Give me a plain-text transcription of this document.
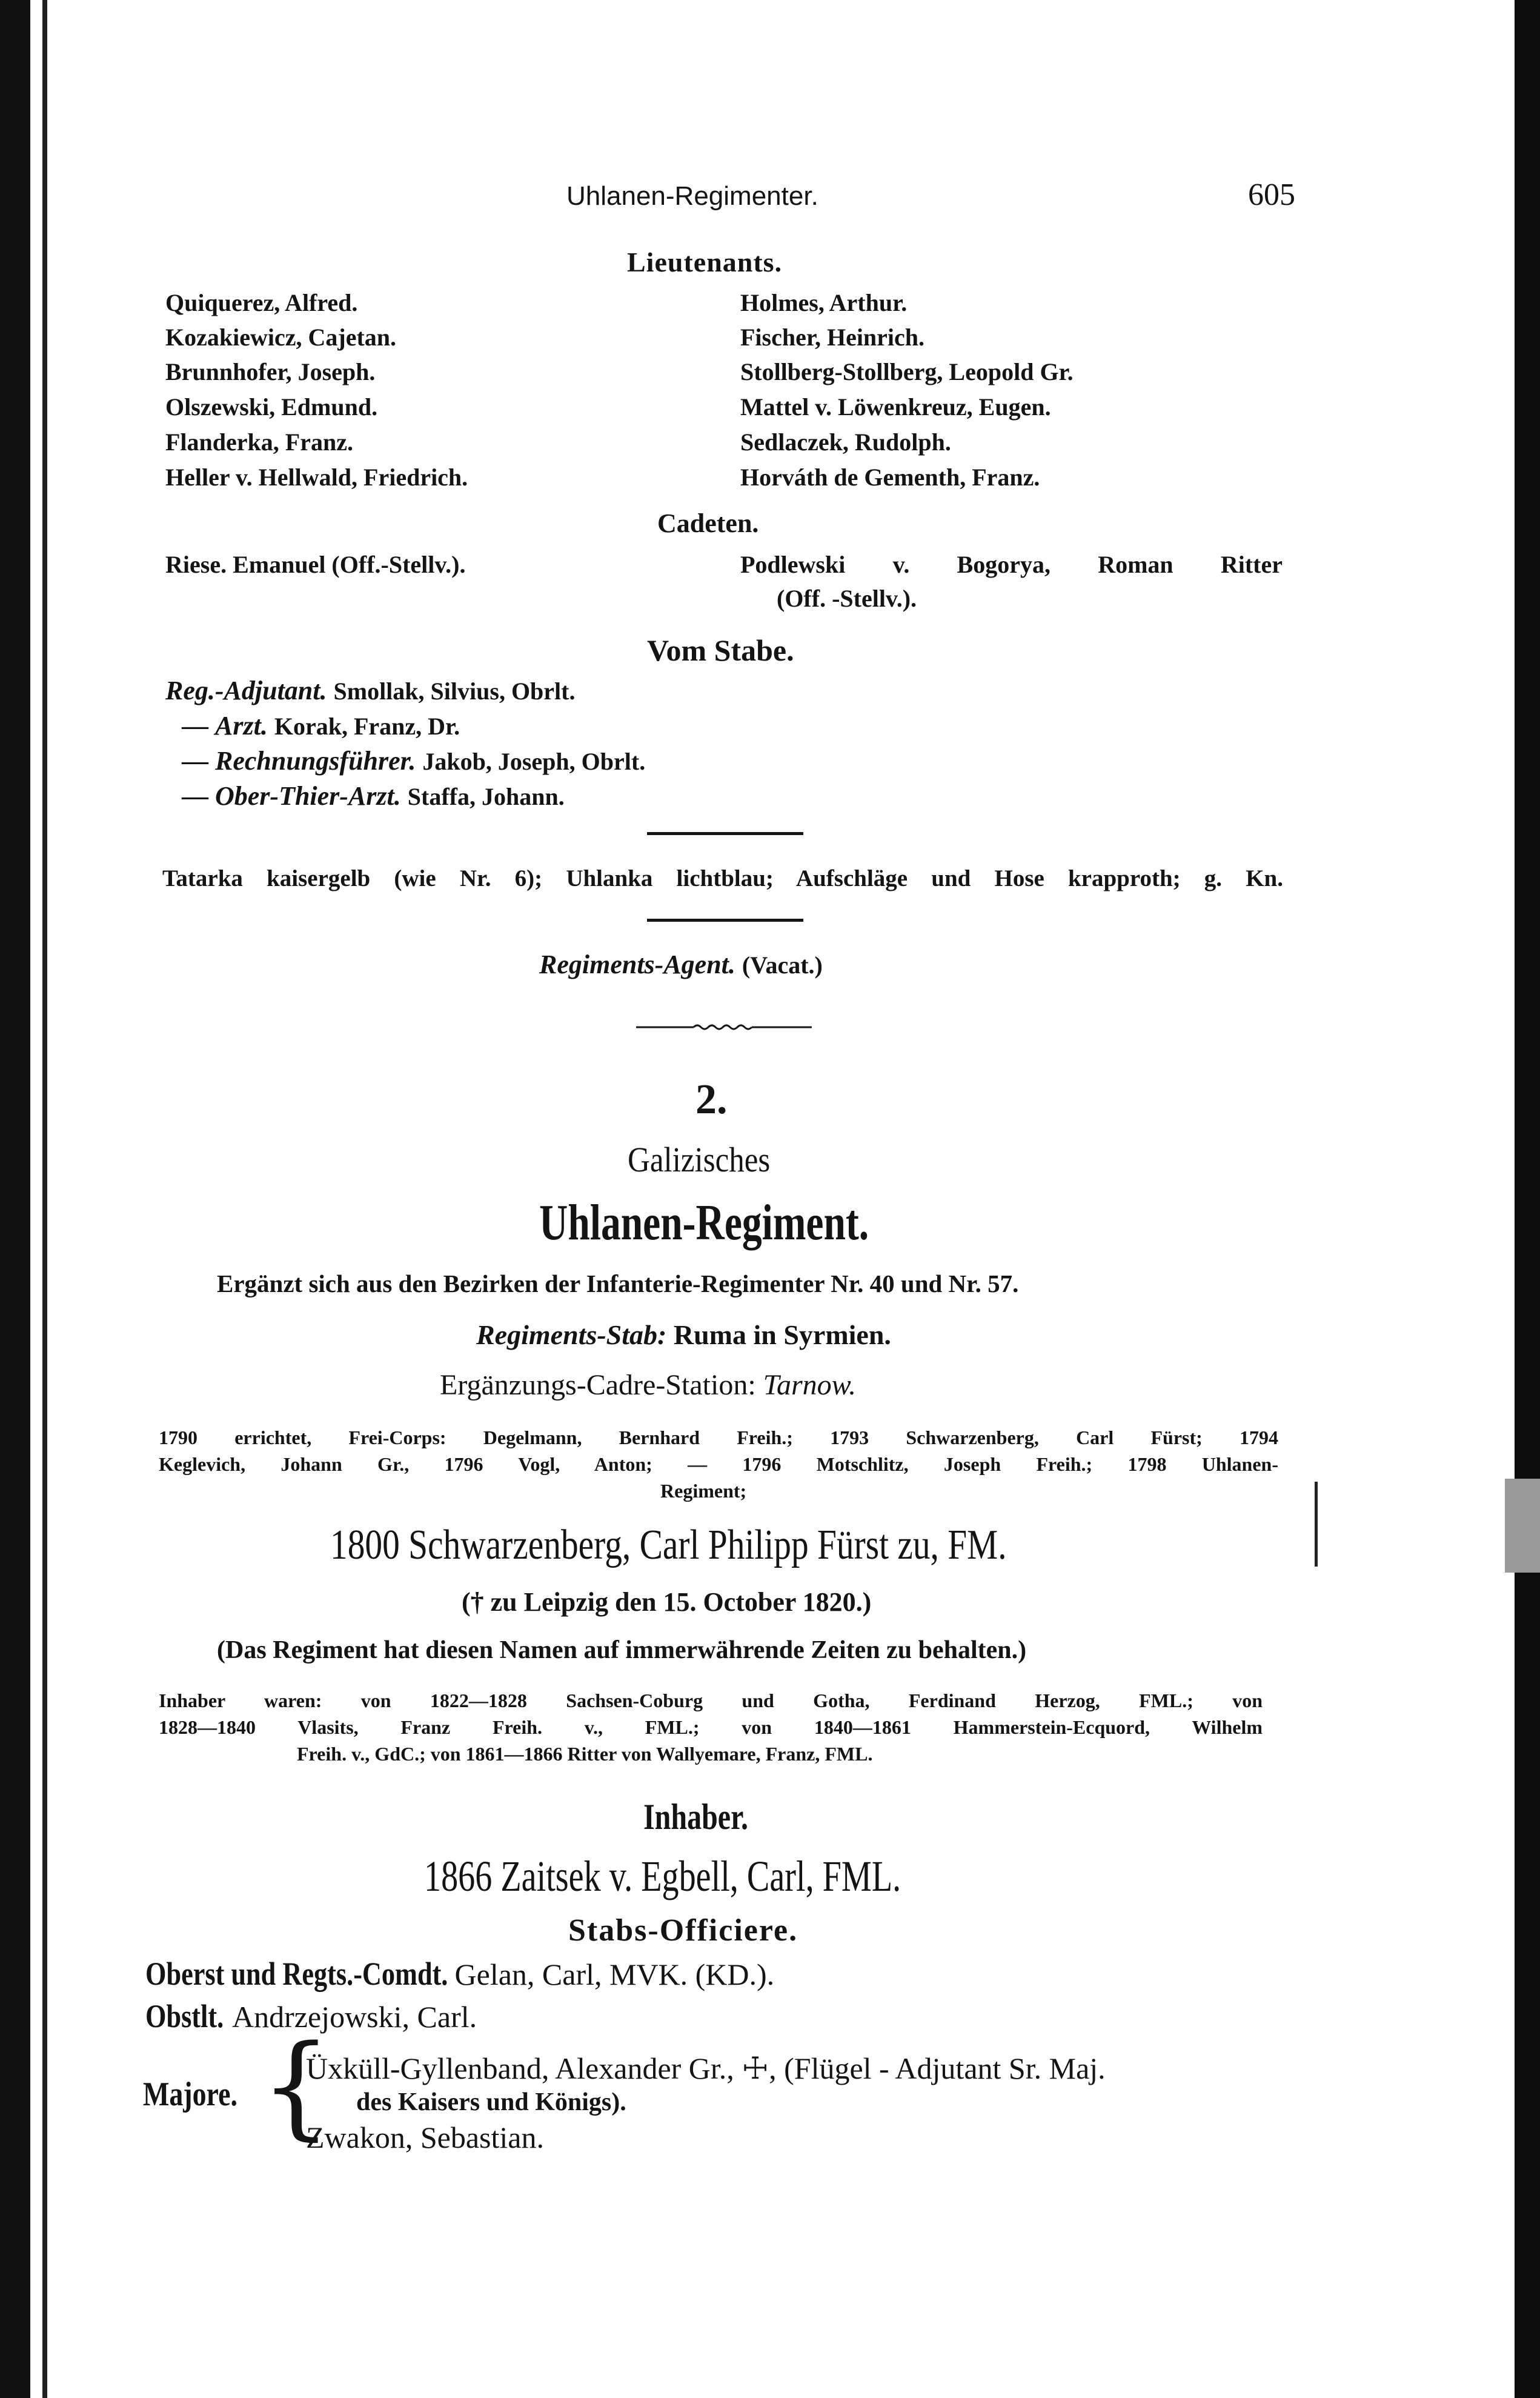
Uhlanen-Regimenter.	605
Lieutenants.
Quiquerez, Alfred.
Kozakiewicz, Cajetan.
Brunnhofer, Joseph.
Olszewski, Edmund.
Flanderka, Franz.
Heller v. Hellwald, Friedrich.
Holmes, Arthur.
Fischer, Heinrich.
Stollberg-Stollberg, Leopold Gr.
Mattel v. Löwenkreuz, Eugen.
Sedlaczek, Rudolph.
Horváth de Gementh, Franz.
Cadeten.
Riese. Emanuel (Off.-Stellv.).	Podlewski v. Bogorya, Roman Ritter
(Off. -Stellv.).
Vom Stabe.
Reg.-Adjutant. Smollak, Silvius, Obrlt.
— Arzt. Korak, Franz, Dr.
— Rechnungsführer. Jakob, Joseph, Obrlt.
— Ober-Thier-Arzt. Staffa, Johann.
Tatarka kaisergelb (wie Nr. 6); Uhlanka lichtblau; Aufschläge und Hose krapproth; g. Kn.
Regiments-Agent. (Vacat.)
2.
Galizisches
Uhlanen-Regiment.
Ergänzt sich aus den Bezirken der Infanterie-Regimenter Nr. 40 und Nr. 57.
Regiments-Stab: Ruma in Syrmien.
Ergänzungs-Cadre-Station: Tarnow.
1790 errichtet, Frei-Corps: Degelmann, Bernhard Freih.; 1793 Schwarzenberg, Carl Fürst; 1794
Keglevich, Johann Gr., 1796 Vogl, Anton; — 1796 Motschlitz, Joseph Freih.; 1798 Uhlanen-
Regiment;
1800 Schwarzenberg, Carl Philipp Fürst zu, FM.
(† zu Leipzig den 15. October 1820.)
(Das Regiment hat diesen Namen auf immerwährende Zeiten zu behalten.)
Inhaber waren: von 1822—1828 Sachsen-Coburg und Gotha, Ferdinand Herzog, FML.; von
1828—1840 Vlasits, Franz Freih. v., FML.; von 1840—1861 Hammerstein-Ecquord, Wilhelm
Freih. v., GdC.; von 1861—1866 Ritter von Wallyemare, Franz, FML.
Inhaber.
1866 Zaitsek v. Egbell, Carl, FML.
Stabs-Officiere.
Oberst und Regts.-Comdt. Gelan, Carl, MVK. (KD.).
Obstlt. Andrzejowski, Carl.
Majore. {
Üxküll-Gyllenband, Alexander Gr., ☩, (Flügel - Adjutant Sr. Maj.
des Kaisers und Königs).
Zwakon, Sebastian.
